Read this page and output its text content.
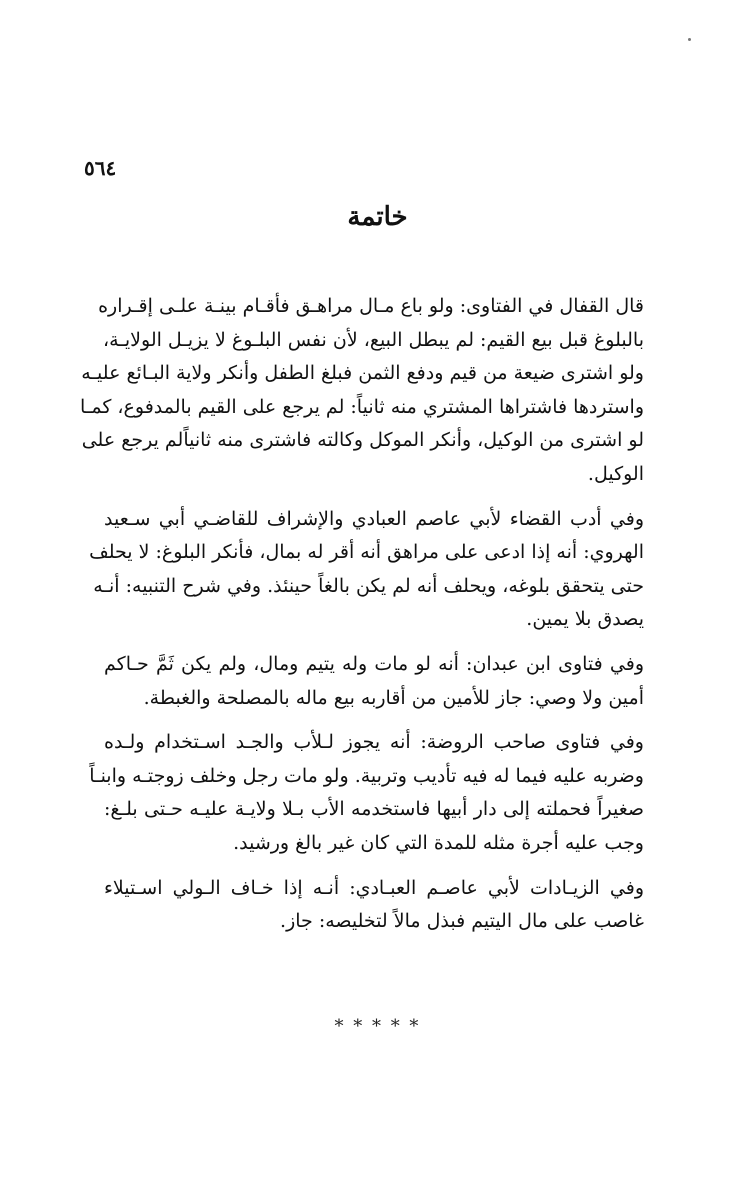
٥٦٤
خاتمة
قال القفال في الفتاوى: ولو باع مـال مراهـق فأقـام بينـة علـى إقـراره
بالبلوغ قبل بيع القيم: لم يبطل البيع، لأن نفس البلـوغ لا يزيـل الولايـة،
ولو اشترى ضيعة من قيم ودفع الثمن فبلغ الطفل وأنكر ولاية البـائع عليـه
واستردها فاشتراها المشتري منه ثانياً: لم يرجع على القيم بالمدفوع، كمـا
لو اشترى من الوكيل، وأنكر الموكل وكالته فاشترى منه ثانياًلم يرجع على
الوكيل.
وفي أدب القضاء لأبي عاصم العبادي والإشراف للقاضـي أبي سـعيد
الهروي: أنه إذا ادعى على مراهق أنه أقر له بمال، فأنكر البلوغ: لا يحلف
حتى يتحقق بلوغه، ويحلف أنه لم يكن بالغاً حينئذ. وفي شرح التنبيه: أنـه
يصدق بلا يمين.
وفي فتاوى ابن عبدان: أنه لو مات وله يتيم ومال، ولم يكن ثَمَّ حـاكم
أمين ولا وصي: جاز للأمين من أقاربه بيع ماله بالمصلحة والغبطة.
وفي فتاوى صاحب الروضة: أنه يجوز لـلأب والجـد اسـتخدام ولـده
وضربه عليه فيما له فيه تأديب وتربية. ولو مات رجل وخلف زوجتـه وابنـاً
صغيراً فحملته إلى دار أبيها فاستخدمه الأب بـلا ولايـة عليـه حـتى بلـغ:
وجب عليه أجرة مثله للمدة التي كان غير بالغ ورشيد.
وفي الزيـادات لأبي عاصـم العبـادي: أنـه إذا خـاف الـولي اسـتيلاء
غاصب على مال اليتيم فبذل مالاً لتخليصه: جاز.
* * * * *
